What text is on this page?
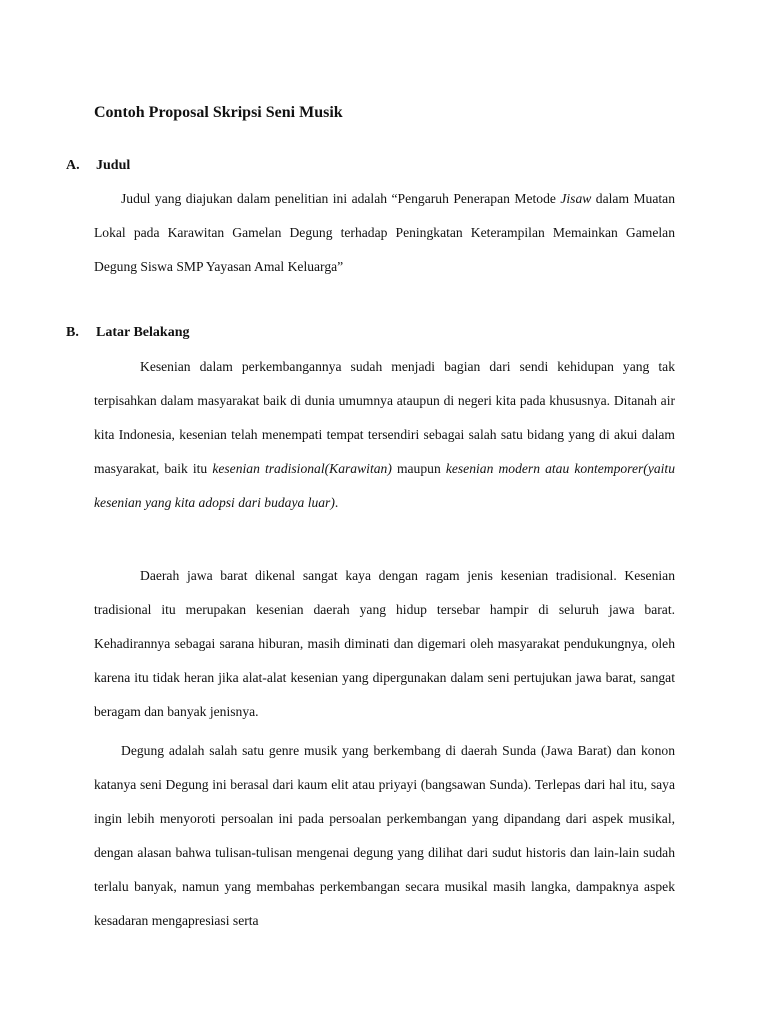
Contoh Proposal Skripsi Seni Musik
A. Judul

Judul yang diajukan dalam penelitian ini adalah “Pengaruh Penerapan Metode Jisaw dalam Muatan Lokal pada Karawitan Gamelan Degung terhadap Peningkatan Keterampilan Memainkan Gamelan Degung Siswa SMP Yayasan Amal Keluarga”

B. Latar Belakang

Kesenian dalam perkembangannya sudah menjadi bagian dari sendi kehidupan yang tak terpisahkan dalam masyarakat baik di dunia umumnya ataupun di negeri kita pada khususnya. Ditanah air kita Indonesia, kesenian telah menempati tempat tersendiri sebagai salah satu bidang yang di akui dalam masyarakat, baik itu kesenian tradisional(Karawitan) maupun kesenian modern atau kontemporer(yaitu kesenian yang kita adopsi dari budaya luar).

Daerah jawa barat dikenal sangat kaya dengan ragam jenis kesenian tradisional. Kesenian tradisional itu merupakan kesenian daerah yang hidup tersebar hampir di seluruh jawa barat. Kehadirannya sebagai sarana hiburan, masih diminati dan digemari oleh masyarakat pendukungnya, oleh karena itu tidak heran jika alat-alat kesenian yang dipergunakan dalam seni pertujukan jawa barat, sangat beragam dan banyak jenisnya.

Degung adalah salah satu genre musik yang berkembang di daerah Sunda (Jawa Barat) dan konon katanya seni Degung ini berasal dari kaum elit atau priyayi (bangsawan Sunda). Terlepas dari hal itu, saya ingin lebih menyoroti persoalan ini pada persoalan perkembangan yang dipandang dari aspek musikal, dengan alasan bahwa tulisan-tulisan mengenai degung yang dilihat dari sudut historis dan lain-lain sudah terlalu banyak, namun yang membahas perkembangan secara musikal masih langka, dampaknya aspek kesadaran mengapresiasi serta
